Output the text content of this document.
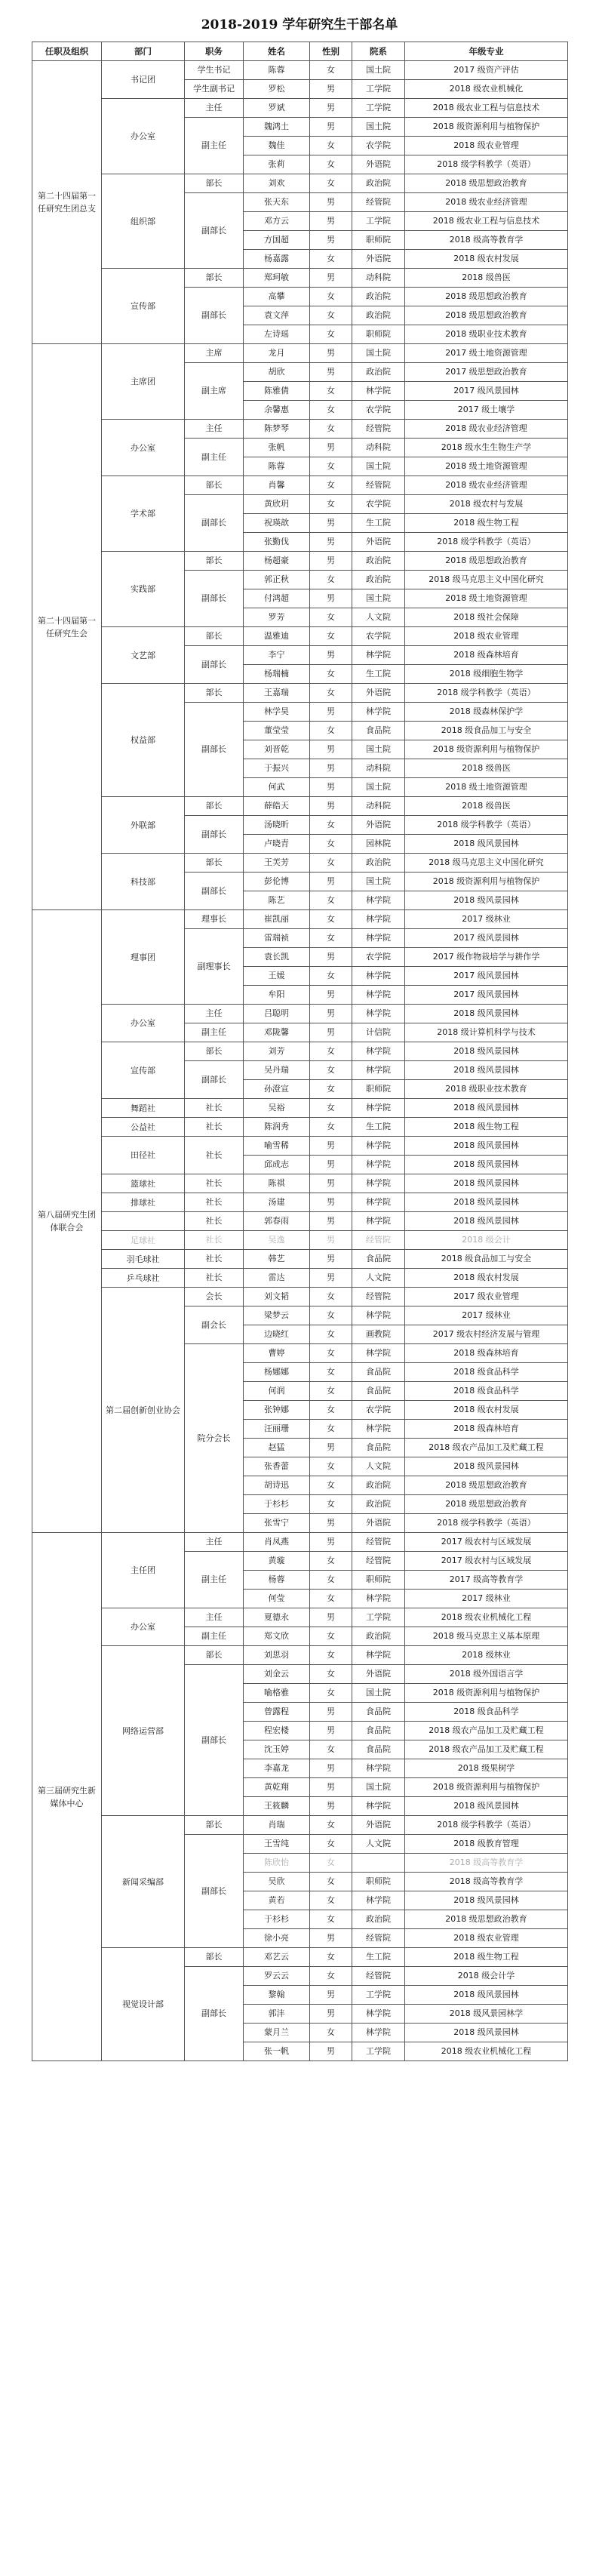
2018-2019 学年研究生干部名单
任职及组织	部门	职务	姓名	性别	院系	年级专业
第二十四届第一任研究生团总支	书记团	学生书记	陈蓉	女	国土院	2017 级资产评估
		学生副书记	罗松	男	工学院	2018 级农业机械化
	办公室	主任	罗斌	男	工学院	2018 级农业工程与信息技术
		副主任	魏鸿土	男	国土院	2018 级资源利用与植物保护
			魏佳	女	农学院	2018 级农业管理
			张莉	女	外语院	2018 级学科教学（英语）
	组织部	部长	刘欢	女	政治院	2018 级思想政治教育
		副部长	张天东	男	经管院	2018 级农业经济管理
			邓方云	男	工学院	2018 级农业工程与信息技术
			方国超	男	职师院	2018 级高等教育学
			杨嘉露	女	外语院	2018 级农村发展
	宣传部	部长	郑珂敏	男	动科院	2018 级兽医
		副部长	高攀	女	政治院	2018 级思想政治教育
			袁文萍	女	政治院	2018 级思想政治教育
			左诗瑶	女	职师院	2018 级职业技术教育
第二十四届第一任研究生会	主席团	主席	龙月	男	国土院	2017 级土地资源管理
		副主席	胡欣	男	政治院	2017 级思想政治教育
			陈雅倩	女	林学院	2017 级风景园林
			余馨惠	女	农学院	2017 级土壤学
	办公室	主任	陈梦琴	女	经管院	2018 级农业经济管理
		副主任	张帆	男	动科院	2018 级水生生物生产学
			陈蓉	女	国土院	2018 级土地资源管理
	学术部	部长	肖馨	女	经管院	2018 级农业经济管理
		副部长	黄欣玥	女	农学院	2018 级农村与发展
			祝瑛歆	男	生工院	2018 级生物工程
			张勤伐	男	外语院	2018 级学科教学（英语）
	实践部	部长	杨超豪	男	政治院	2018 级思想政治教育
		副部长	郭正秋	女	政治院	2018 级马克思主义中国化研究
			付鸿超	男	国土院	2018 级土地资源管理
			罗芳	女	人文院	2018 级社会保障
	文艺部	部长	温雅迪	女	农学院	2018 级农业管理
		副部长	李宁	男	林学院	2018 级森林培育
			杨瑞楠	女	生工院	2018 级细胞生物学
	权益部	部长	王嘉瑞	女	外语院	2018 级学科教学（英语）
		副部长	林学昊	男	林学院	2018 级森林保护学
			董莹莹	女	食品院	2018 级食品加工与安全
			刘晋乾	男	国土院	2018 级资源利用与植物保护
			于振兴	男	动科院	2018 级兽医
			何武	男	国土院	2018 级土地资源管理
	外联部	部长	薛皓天	男	动科院	2018 级兽医
		副部长	汤晓昕	女	外语院	2018 级学科教学（英语）
			卢晓青	女	园林院	2018 级风景园林
	科技部	部长	王芙芳	女	政治院	2018 级马克思主义中国化研究
		副部长	彭伦博	男	国土院	2018 级资源利用与植物保护
			陈艺	女	林学院	2018 级风景园林
第八届研究生团体联合会	理事团	理事长	崔凯丽	女	林学院	2017 级林业
		副理事长	雷瑞祯	女	林学院	2017 级风景园林
			袁长凯	男	农学院	2017 级作物栽培学与耕作学
			王媛	女	林学院	2017 级风景园林
			牟阳	男	林学院	2017 级风景园林
	办公室	主任	吕聪明	男	林学院	2018 级风景园林
		副主任	邓陇馨	男	计信院	2018 级计算机科学与技术
	宣传部	部长	刘芳	女	林学院	2018 级风景园林
		副部长	吴丹瑞	女	林学院	2018 级风景园林
			孙澄宣	女	职师院	2018 级职业技术教育
	舞蹈社	社长	吴裕	女	林学院	2018 级风景园林
	公益社	社长	陈润秀	女	生工院	2018 级生物工程
	田径社	社长	喻雪稀	男	林学院	2018 级风景园林
			邱成志	男	林学院	2018 级风景园林
	篮球社	社长	陈祺	男	林学院	2018 级风景园林
	排球社	社长	汤建	男	林学院	2018 级风景园林
		社长	郭春雨	男	林学院	2018 级风景园林
	足球社	社长	吴逸	男	经管院	2018 级会计
	羽毛球社	社长	韩艺	男	食品院	2018 级食品加工与安全
	乒乓球社	社长	雷达	男	人文院	2018 级农村发展
	第二届创新创业协会	会长	刘文韬	女	经管院	2017 级农业管理
		副会长	梁梦云	女	林学院	2017 级林业
			边晓红	女	画教院	2017 级农村经济发展与管理
		院分会长	曹婷	女	林学院	2018 级森林培育
			杨娜娜	女	食品院	2018 级食品科学
			何润	女	食品院	2018 级食品科学
			张钟娜	女	农学院	2018 级农村发展
			汪丽珊	女	林学院	2018 级森林培育
			赵猛	男	食品院	2018 级农产品加工及贮藏工程
			张香蕾	女	人文院	2018 级风景园林
			胡诗迅	女	政治院	2018 级思想政治教育
			于杉杉	女	政治院	2018 级思想政治教育
			张雪宁	男	外语院	2018 级学科教学（英语）
第三届研究生新媒体中心	主任团	主任	肖凤燕	男	经管院	2017 级农村与区域发展
		副主任	黄璇	女	经管院	2017 级农村与区域发展
			杨蓉	女	职师院	2017 级高等教育学
			何莹	女	林学院	2017 级林业
	办公室	主任	夏德永	男	工学院	2018 级农业机械化工程
		副主任	郑文欣	女	政治院	2018 级马克思主义基本原理
	网络运营部	部长	刘思羽	女	林学院	2018 级林业
		副部长	刘金云	女	外语院	2018 级外国语言学
			喻格雅	女	国土院	2018 级资源利用与植物保护
			曾露程	男	食品院	2018 级食品科学
			程宏楼	男	食品院	2018 级农产品加工及贮藏工程
			沈玉婷	女	食品院	2018 级农产品加工及贮藏工程
			李嘉龙	男	林学院	2018 级果树学
			黄乾翔	男	国土院	2018 级资源利用与植物保护
			王筱麟	男	林学院	2018 级风景园林
	新闻采编部	部长	肖瑞	女	外语院	2018 级学科教学（英语）
		副部长	王雪纯	女	人文院	2018 级教育管理
			陈欣怡	女		2018 级高等教育学
			吴欣	女	职师院	2018 级高等教育学
			黄若	女	林学院	2018 级风景园林
			于杉杉	女	政治院	2018 级思想政治教育
			徐小亮	男	经管院	2018 级农业管理
	视觉设计部	部长	邓艺云	女	生工院	2018 级生物工程
		副部长	罗云云	女	经管院	2018 级会计学
			黎翰	男	工学院	2018 级风景园林
			郭沣	男	林学院	2018 级风景园林学
			蒙月兰	女	林学院	2018 级风景园林
			张一帆	男	工学院	2018 级农业机械化工程
